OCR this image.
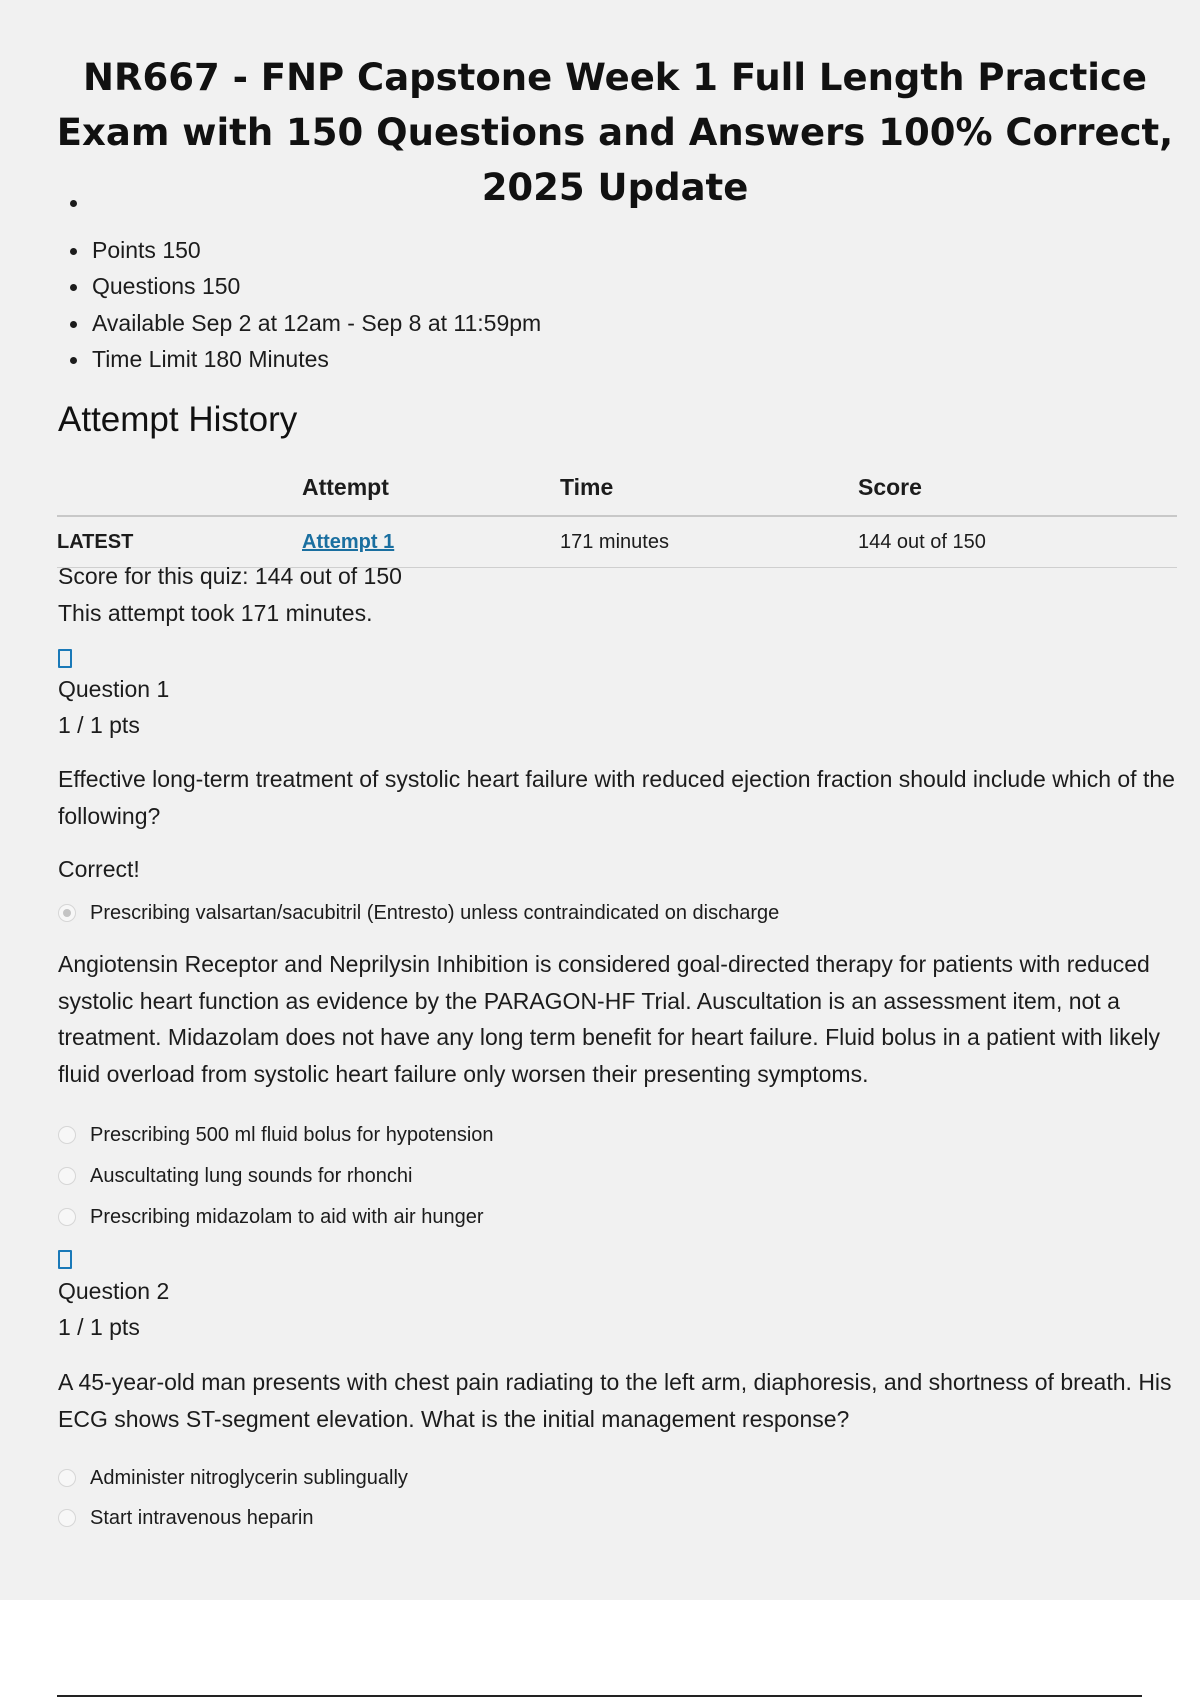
NR667 - FNP Capstone Week 1 Full Length Practice Exam with 150 Questions and Answers 100% Correct, 2025 Update
Points 150
Questions 150
Available Sep 2 at 12am - Sep 8 at 11:59pm
Time Limit 180 Minutes
Attempt History
	Attempt	Time	Score
LATEST	Attempt 1	171 minutes	144 out of 150
Score for this quiz: 144 out of 150
This attempt took 171 minutes.
Question 1
1 / 1 pts

Effective long-term treatment of systolic heart failure with reduced ejection fraction should include which of the following?

Correct!
Prescribing valsartan/sacubitril (Entresto) unless contraindicated on discharge

Angiotensin Receptor and Neprilysin Inhibition is considered goal-directed therapy for patients with reduced systolic heart function as evidence by the PARAGON-HF Trial. Auscultation is an assessment item, not a treatment. Midazolam does not have any long term benefit for heart failure. Fluid bolus in a patient with likely fluid overload from systolic heart failure only worsen their presenting symptoms.

Prescribing 500 ml fluid bolus for hypotension
Auscultating lung sounds for rhonchi
Prescribing midazolam to aid with air hunger
Question 2
1 / 1 pts

A 45-year-old man presents with chest pain radiating to the left arm, diaphoresis, and shortness of breath. His ECG shows ST-segment elevation. What is the initial management response?

Administer nitroglycerin sublingually
Start intravenous heparin
